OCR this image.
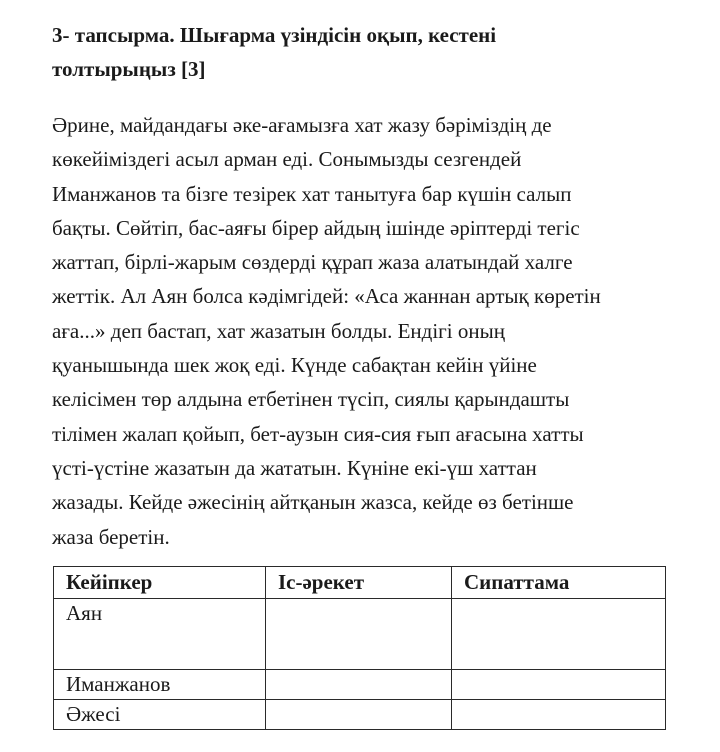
3- тапсырма. Шығарма үзіндісін оқып, кестені
толтырыңыз [3]
Әрине, майдандағы әке-ағамызға хат жазу бәріміздің де
көкейіміздегі асыл арман еді. Сонымызды сезгендей
Иманжанов та бізге тезірек хат танытуға бар күшін салып
бақты. Сөйтіп, бас-аяғы бірер айдың ішінде әріптерді тегіс
жаттап, бірлі-жарым сөздерді құрап жаза алатындай халге
жеттік. Ал Аян болса кәдімгідей: «Аса жаннан артық көретін
аға...» деп бастап, хат жазатын болды. Ендігі оның
қуанышында шек жоқ еді. Күнде сабақтан кейін үйіне
келісімен төр алдына етбетінен түсіп, сиялы қарындашты
тілімен жалап қойып, бет-аузын сия-сия ғып ағасына хатты
үсті-үстіне жазатын да жататын. Күніне екі-үш хаттан
жазады. Кейде әжесінің айтқанын жазса, кейде өз бетінше
жаза беретін.
Кейіпкер	Іс-әрекет	Сипаттама
Аян		
Иманжанов		
Әжесі		
